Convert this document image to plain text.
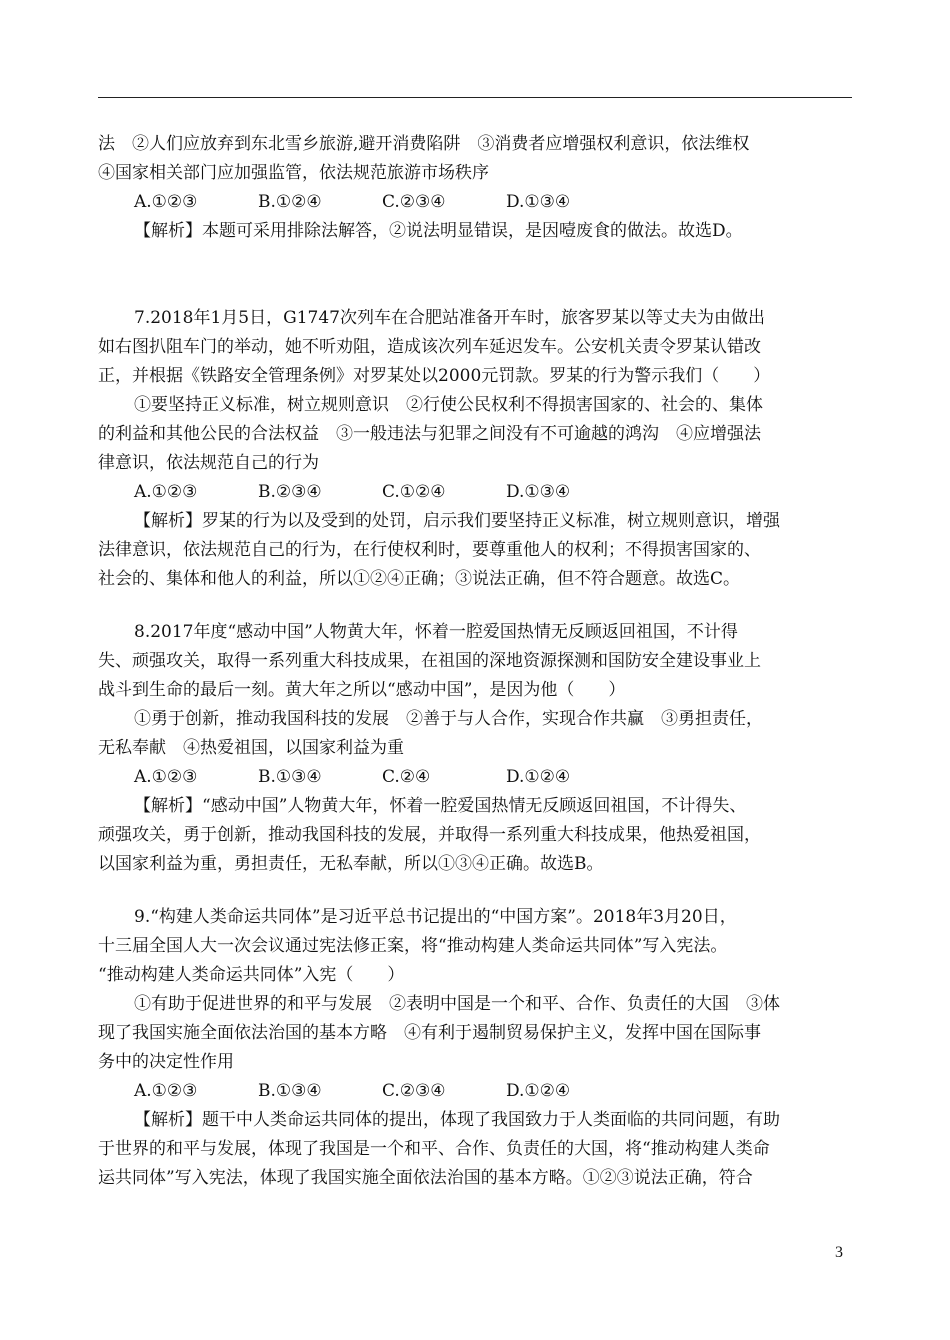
法　②人们应放弃到东北雪乡旅游,避开消费陷阱　③消费者应增强权利意识，依法维权
④国家相关部门应加强监管，依法规范旅游市场秩序
A.①②③	B.①②④	C.②③④	D.①③④
【解析】本题可采用排除法解答，②说法明显错误，是因噎废食的做法。故选D。
7.2018年1月5日，G1747次列车在合肥站准备开车时，旅客罗某以等丈夫为由做出
如右图扒阻车门的举动，她不听劝阻，造成该次列车延迟发车。公安机关责令罗某认错改
正，并根据《铁路安全管理条例》对罗某处以2000元罚款。罗某的行为警示我们（　　）
①要坚持正义标准，树立规则意识　②行使公民权利不得损害国家的、社会的、集体
的利益和其他公民的合法权益　③一般违法与犯罪之间没有不可逾越的鸿沟　④应增强法
律意识，依法规范自己的行为
A.①②③	B.②③④	C.①②④	D.①③④
【解析】罗某的行为以及受到的处罚，启示我们要坚持正义标准，树立规则意识，增强
法律意识，依法规范自己的行为，在行使权利时，要尊重他人的权利；不得损害国家的、
社会的、集体和他人的利益，所以①②④正确；③说法正确，但不符合题意。故选C。
8.2017年度“感动中国”人物黄大年，怀着一腔爱国热情无反顾返回祖国，不计得
失、顽强攻关，取得一系列重大科技成果，在祖国的深地资源探测和国防安全建设事业上
战斗到生命的最后一刻。黄大年之所以“感动中国”，是因为他（　　）
①勇于创新，推动我国科技的发展　②善于与人合作，实现合作共赢　③勇担责任，
无私奉献　④热爱祖国，以国家利益为重
A.①②③	B.①③④	C.②④	D.①②④
【解析】“感动中国”人物黄大年，怀着一腔爱国热情无反顾返回祖国，不计得失、
顽强攻关，勇于创新，推动我国科技的发展，并取得一系列重大科技成果，他热爱祖国，
以国家利益为重，勇担责任，无私奉献，所以①③④正确。故选B。
9.“构建人类命运共同体”是习近平总书记提出的“中国方案”。2018年3月20日，
十三届全国人大一次会议通过宪法修正案，将“推动构建人类命运共同体”写入宪法。
“推动构建人类命运共同体”入宪（　　）
①有助于促进世界的和平与发展　②表明中国是一个和平、合作、负责任的大国　③体
现了我国实施全面依法治国的基本方略　④有利于遏制贸易保护主义，发挥中国在国际事
务中的决定性作用
A.①②③	B.①③④	C.②③④	D.①②④
【解析】题干中人类命运共同体的提出，体现了我国致力于人类面临的共同问题，有助
于世界的和平与发展，体现了我国是一个和平、合作、负责任的大国，将“推动构建人类命
运共同体”写入宪法，体现了我国实施全面依法治国的基本方略。①②③说法正确，符合
3
